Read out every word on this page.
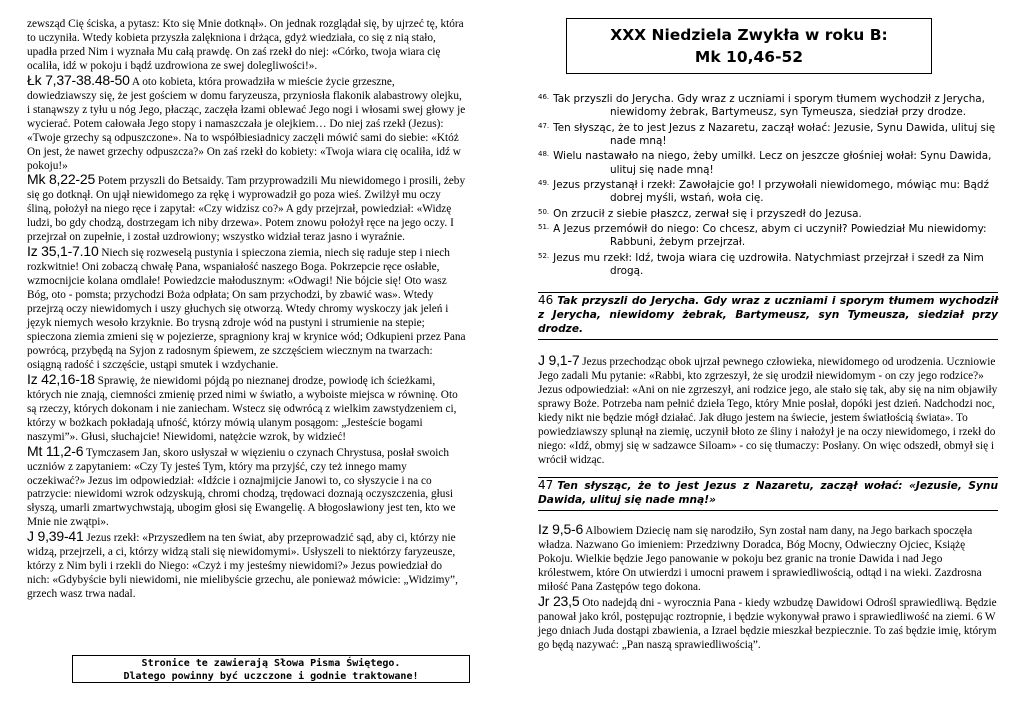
zewsząd Cię ściska, a pytasz: Kto się Mnie dotknął». On jednak rozglądał się, by ujrzeć tę, która to uczyniła. Wtedy kobieta przyszła zalękniona i drżąca, gdyż wiedziała, co się z nią stało, upadła przed Nim i wyznała Mu całą prawdę. On zaś rzekł do niej: «Córko, twoja wiara cię ocaliła, idź w pokoju i bądź uzdrowiona ze swej dolegliwości!».

Łk 7,37-38.48-50 A oto kobieta, która prowadziła w mieście życie grzeszne, dowiedziawszy się, że jest gościem w domu faryzeusza, przyniosła flakonik alabastrowy olejku, i stanąwszy z tyłu u nóg Jego, płacząc, zaczęła łzami oblewać Jego nogi i włosami swej głowy je wycierać. Potem całowała Jego stopy i namaszczała je olejkiem… Do niej zaś rzekł (Jezus): «Twoje grzechy są odpuszczone». Na to współbiesiadnicy zaczęli mówić sami do siebie: «Któż On jest, że nawet grzechy odpuszcza?» On zaś rzekł do kobiety: «Twoja wiara cię ocaliła, idź w pokoju!»

Mk 8,22-25 Potem przyszli do Betsaidy. Tam przyprowadzili Mu niewidomego i prosili, żeby się go dotknął. On ujął niewidomego za rękę i wyprowadził go poza wieś. Zwilżył mu oczy śliną, położył na niego ręce i zapytał: «Czy widzisz co?» A gdy przejrzał, powiedział: «Widzę ludzi, bo gdy chodzą, dostrzegam ich niby drzewa». Potem znowu położył ręce na jego oczy. I przejrzał on zupełnie, i został uzdrowiony; wszystko widział teraz jasno i wyraźnie.

Iz 35,1-7.10 Niech się rozweselą pustynia i spieczona ziemia, niech się raduje step i niech rozkwitnie! Oni zobaczą chwałę Pana, wspaniałość naszego Boga. Pokrzepcie ręce osłabłe, wzmocnijcie kolana omdlałe! Powiedzcie małodusznym: «Odwagi! Nie bójcie się! Oto wasz Bóg, oto - pomsta; przychodzi Boża odpłata; On sam przychodzi, by zbawić was». Wtedy przejrzą oczy niewidomych i uszy głuchych się otworzą. Wtedy chromy wyskoczy jak jeleń i język niemych wesoło krzyknie. Bo trysną zdroje wód na pustyni i strumienie na stepie; spieczona ziemia zmieni się w pojezierze, spragniony kraj w krynice wód; Odkupieni przez Pana powrócą, przybędą na Syjon z radosnym śpiewem, ze szczęściem wiecznym na twarzach: osiągną radość i szczęście, ustąpi smutek i wzdychanie.

Iz 42,16-18 Sprawię, że niewidomi pójdą po nieznanej drodze, powiodę ich ścieżkami, których nie znają, ciemności zmienię przed nimi w światło, a wyboiste miejsca w równinę. Oto są rzeczy, których dokonam i nie zaniecham. Wstecz się odwrócą z wielkim zawstydzeniem ci, którzy w bożkach pokładają ufność, którzy mówią ulanym posągom: „Jesteście bogami naszymi”». Głusi, słuchajcie! Niewidomi, natężcie wzrok, by widzieć!

Mt 11,2-6 Tymczasem Jan, skoro usłyszał w więzieniu o czynach Chrystusa, posłał swoich uczniów z zapytaniem: «Czy Ty jesteś Tym, który ma przyjść, czy też innego mamy oczekiwać?» Jezus im odpowiedział: «Idźcie i oznajmijcie Janowi to, co słyszycie i na co patrzycie: niewidomi wzrok odzyskują, chromi chodzą, trędowaci doznają oczyszczenia, głusi słyszą, umarli zmartwychwstają, ubogim głosi się Ewangelię. A błogosławiony jest ten, kto we Mnie nie zwątpi».

J 9,39-41 Jezus rzekł: «Przyszedłem na ten świat, aby przeprowadzić sąd, aby ci, którzy nie widzą, przejrzeli, a ci, którzy widzą stali się niewidomymi». Usłyszeli to niektórzy faryzeusze, którzy z Nim byli i rzekli do Niego: «Czyż i my jesteśmy niewidomi?» Jezus powiedział do nich: «Gdybyście byli niewidomi, nie mielibyście grzechu, ale ponieważ mówicie: „Widzimy”, grzech wasz trwa nadal.

Stronice te zawierają Słowa Pisma Świętego.
Dlatego powinny być uczczone i godnie traktowane!
XXX Niedziela Zwykła w roku B:
Mk 10,46-52

$^{46.}$ Tak przyszli do Jerycha. Gdy wraz z uczniami i sporym tłumem wychodził z Jerycha, niewidomy żebrak, Bartymeusz, syn Tymeusza, siedział przy drodze.

$^{47.}$ Ten słysząc, że to jest Jezus z Nazaretu, zaczął wołać: Jezusie, Synu Dawida, ulituj się nade mną!

$^{48.}$ Wielu nastawało na niego, żeby umilkł. Lecz on jeszcze głośniej wołał: Synu Dawida, ulituj się nade mną!

$^{49.}$ Jezus przystanął i rzekł: Zawołajcie go! I przywołali niewidomego, mówiąc mu: Bądź dobrej myśli, wstań, woła cię.

$^{50.}$ On zrzucił z siebie płaszcz, zerwał się i przyszedł do Jezusa.

$^{51.}$ A Jezus przemówił do niego: Co chcesz, abym ci uczynił? Powiedział Mu niewidomy: Rabbuni, żebym przejrzał.

$^{52.}$ Jezus mu rzekł: Idź, twoja wiara cię uzdrowiła. Natychmiast przejrzał i szedł za Nim drogą.

46 Tak przyszli do Jerycha. Gdy wraz z uczniami i sporym tłumem wychodził z Jerycha, niewidomy żebrak, Bartymeusz, syn Tymeusza, siedział przy drodze.

J 9,1-7 Jezus przechodząc obok ujrzał pewnego człowieka, niewidomego od urodzenia. Uczniowie Jego zadali Mu pytanie: «Rabbi, kto zgrzeszył, że się urodził niewidomym - on czy jego rodzice?» Jezus odpowiedział: «Ani on nie zgrzeszył, ani rodzice jego, ale stało się tak, aby się na nim objawiły sprawy Boże. Potrzeba nam pełnić dzieła Tego, który Mnie posłał, dopóki jest dzień. Nadchodzi noc, kiedy nikt nie będzie mógł działać. Jak długo jestem na świecie, jestem światłością świata». To powiedziawszy splunął na ziemię, uczynił błoto ze śliny i nałożył je na oczy niewidomego, i rzekł do niego: «Idź, obmyj się w sadzawce Siloam» - co się tłumaczy: Posłany. On więc odszedł, obmył się i wrócił widząc.

47 Ten słysząc, że to jest Jezus z Nazaretu, zaczął wołać: «Jezusie, Synu Dawida, ulituj się nade mną!»

Iz 9,5-6 Albowiem Dziecię nam się narodziło, Syn został nam dany, na Jego barkach spoczęła władza. Nazwano Go imieniem: Przedziwny Doradca, Bóg Mocny, Odwieczny Ojciec, Książę Pokoju. Wielkie będzie Jego panowanie w pokoju bez granic na tronie Dawida i nad Jego królestwem, które On utwierdzi i umocni prawem i sprawiedliwością, odtąd i na wieki. Zazdrosna miłość Pana Zastępów tego dokona.

Jr 23,5 Oto nadejdą dni - wyrocznia Pana - kiedy wzbudzę Dawidowi Odrośl sprawiedliwą. Będzie panował jako król, postępując roztropnie, i będzie wykonywał prawo i sprawiedliwość na ziemi. 6 W jego dniach Juda dostąpi zbawienia, a Izrael będzie mieszkał bezpiecznie. To zaś będzie imię, którym go będą nazywać: „Pan naszą sprawiedliwością”.
